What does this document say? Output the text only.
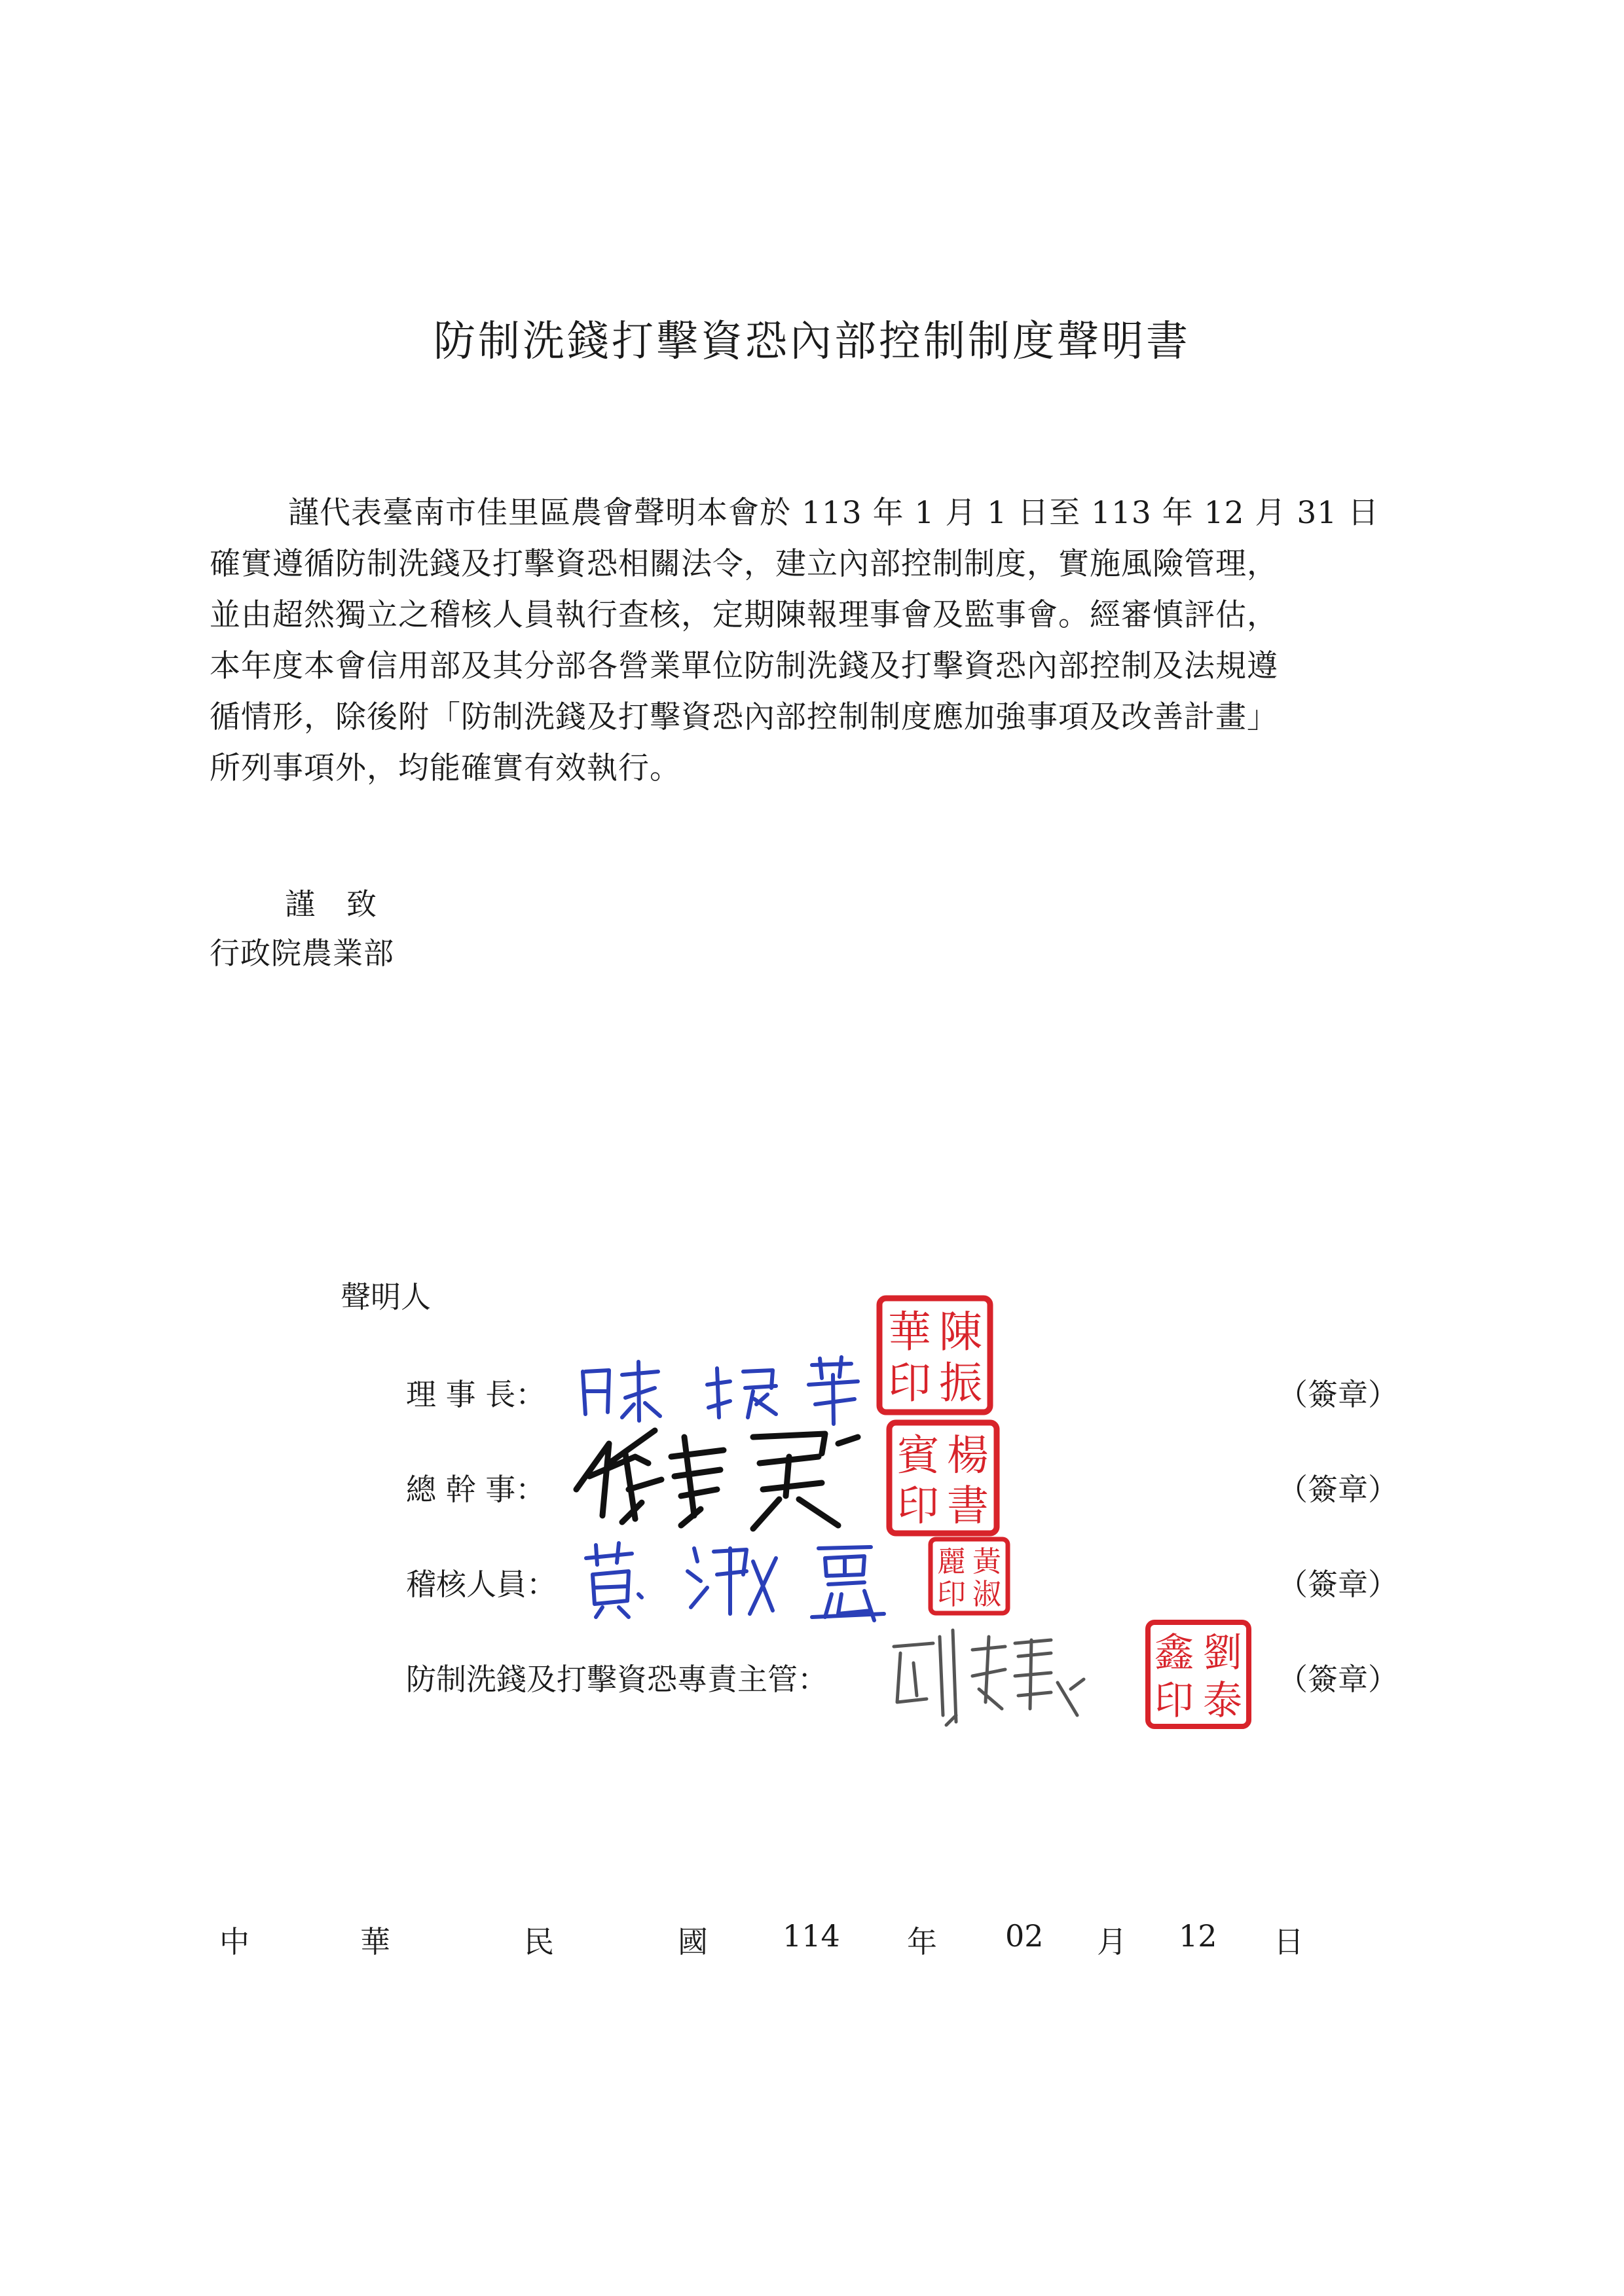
防制洗錢打擊資恐內部控制制度聲明書
謹代表臺南市佳里區農會聲明本會於 113 年 1 月 1 日至 113 年 12 月 31 日
確實遵循防制洗錢及打擊資恐相關法令，建立內部控制制度，實施風險管理，
並由超然獨立之稽核人員執行查核，定期陳報理事會及監事會。經審慎評估，
本年度本會信用部及其分部各營業單位防制洗錢及打擊資恐內部控制及法規遵
循情形，除後附「防制洗錢及打擊資恐內部控制制度應加強事項及改善計畫」
所列事項外，均能確實有效執行。
謹　致
行政院農業部
聲明人
理 事 長：	（簽章）
總 幹 事：	（簽章）
稽核人員：	（簽章）
防制洗錢及打擊資恐專責主管：	（簽章）
陳
振
華
印
楊
書
賓
印
黃
淑
麗
印
劉
泰
鑫
印
中	華	民	國 114 年 02 月 12 日
